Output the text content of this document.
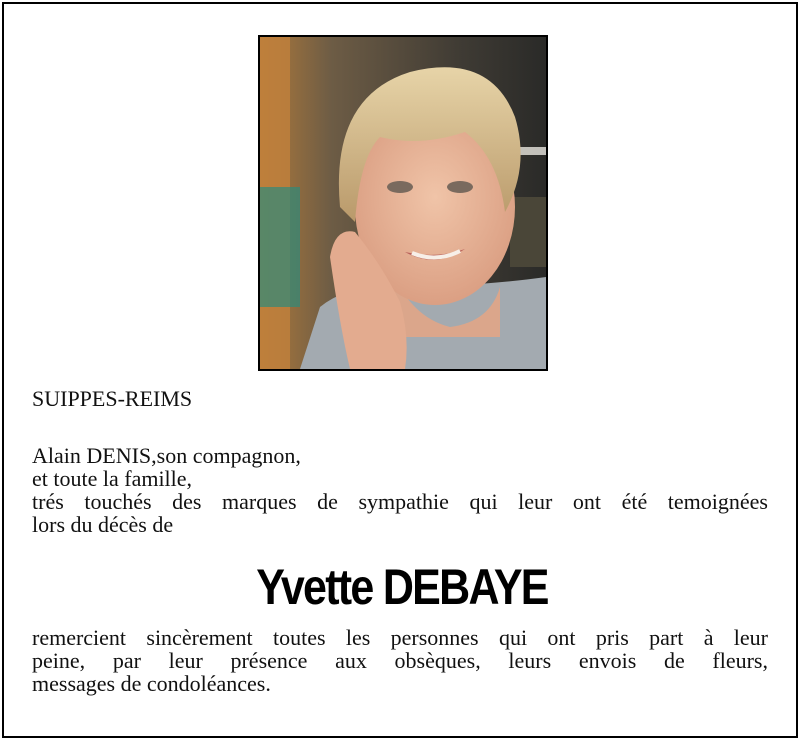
SUIPPES-REIMS
Alain DENIS,son compagnon,
et toute la famille,
trés touchés des marques de sympathie qui leur ont été temoignées
lors du décès de
Yvette DEBAYE
remercient sincèrement toutes les personnes qui ont pris part à leur
peine, par leur présence aux obsèques, leurs envois de fleurs,
messages de condoléances.
